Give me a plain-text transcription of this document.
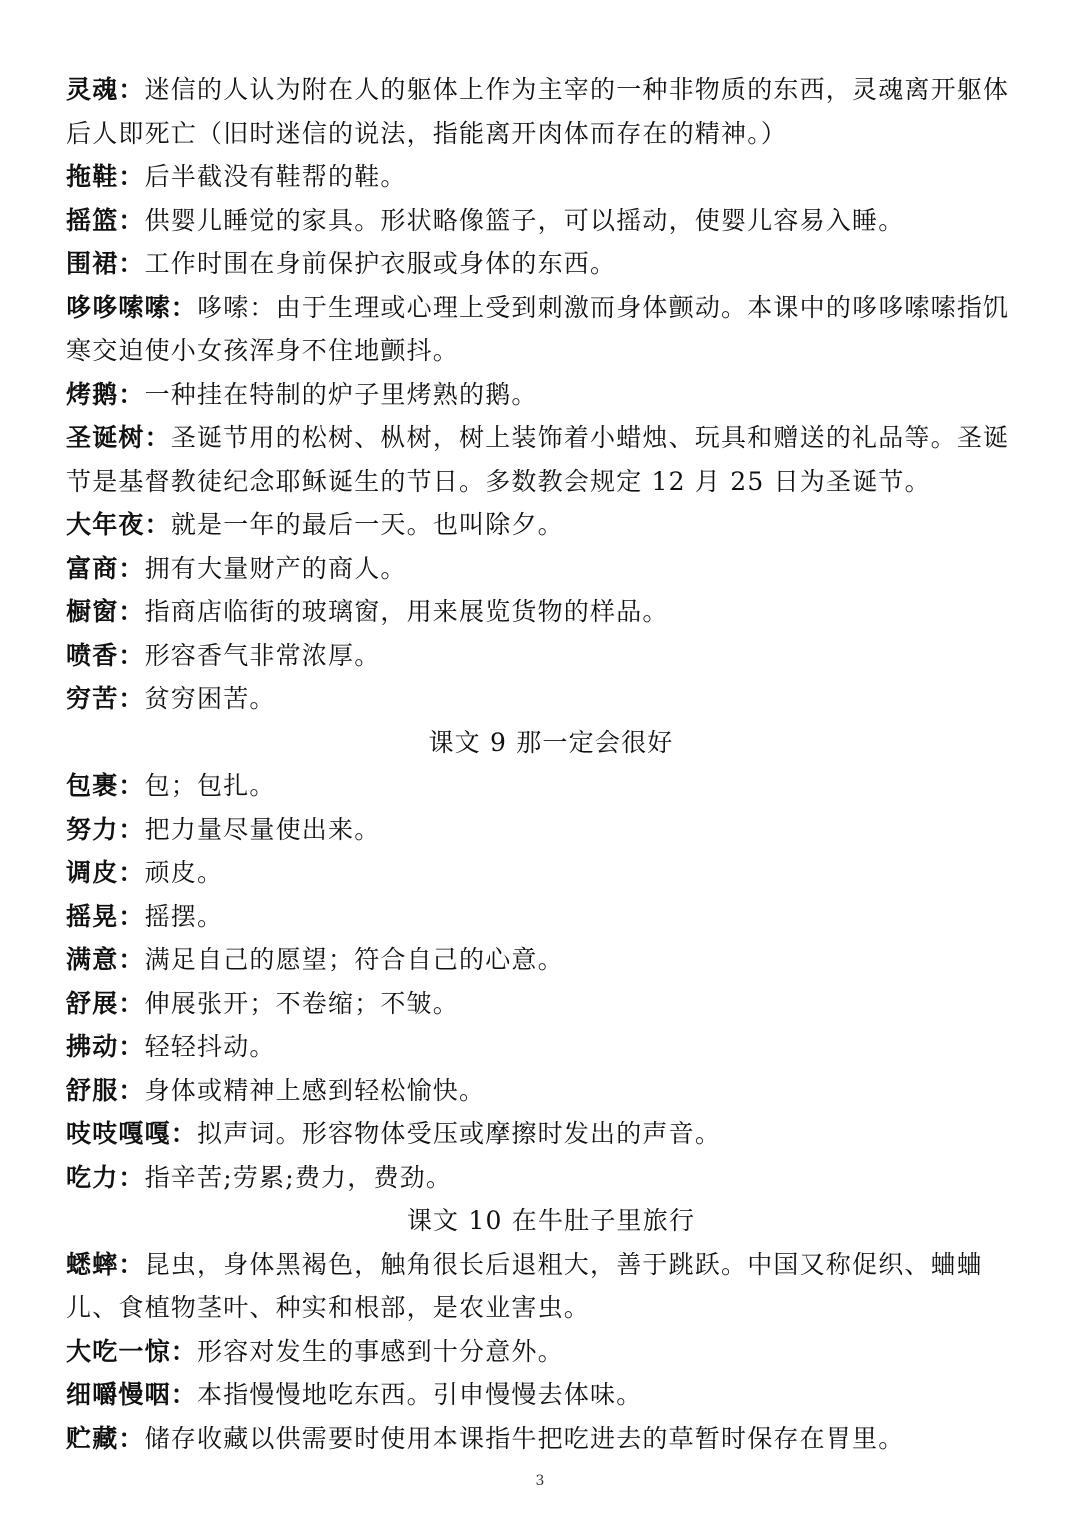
灵魂：迷信的人认为附在人的躯体上作为主宰的一种非物质的东西，灵魂离开躯体后人即死亡（旧时迷信的说法，指能离开肉体而存在的精神。）
拖鞋：后半截没有鞋帮的鞋。
摇篮：供婴儿睡觉的家具。形状略像篮子，可以摇动，使婴儿容易入睡。
围裙：工作时围在身前保护衣服或身体的东西。
哆哆嗦嗦：哆嗦：由于生理或心理上受到刺激而身体颤动。本课中的哆哆嗦嗦指饥寒交迫使小女孩浑身不住地颤抖。
烤鹅：一种挂在特制的炉子里烤熟的鹅。
圣诞树：圣诞节用的松树、枞树，树上装饰着小蜡烛、玩具和赠送的礼品等。圣诞节是基督教徒纪念耶稣诞生的节日。多数教会规定 12 月 25 日为圣诞节。
大年夜：就是一年的最后一天。也叫除夕。
富商：拥有大量财产的商人。
橱窗：指商店临街的玻璃窗，用来展览货物的样品。
喷香：形容香气非常浓厚。
穷苦：贫穷困苦。
课文 9 那一定会很好
包裹：包；包扎。
努力：把力量尽量使出来。
调皮：顽皮。
摇晃：摇摆。
满意：满足自己的愿望；符合自己的心意。
舒展：伸展张开；不卷缩；不皱。
拂动：轻轻抖动。
舒服：身体或精神上感到轻松愉快。
吱吱嘎嘎：拟声词。形容物体受压或摩擦时发出的声音。
吃力：指辛苦;劳累;费力，费劲。
课文 10 在牛肚子里旅行
蟋蟀：昆虫，身体黑褐色，触角很长后退粗大，善于跳跃。中国又称促织、蛐蛐儿、食植物茎叶、种实和根部，是农业害虫。
大吃一惊：形容对发生的事感到十分意外。
细嚼慢咽：本指慢慢地吃东西。引申慢慢去体味。
贮藏：储存收藏以供需要时使用本课指牛把吃进去的草暂时保存在胃里。
3
